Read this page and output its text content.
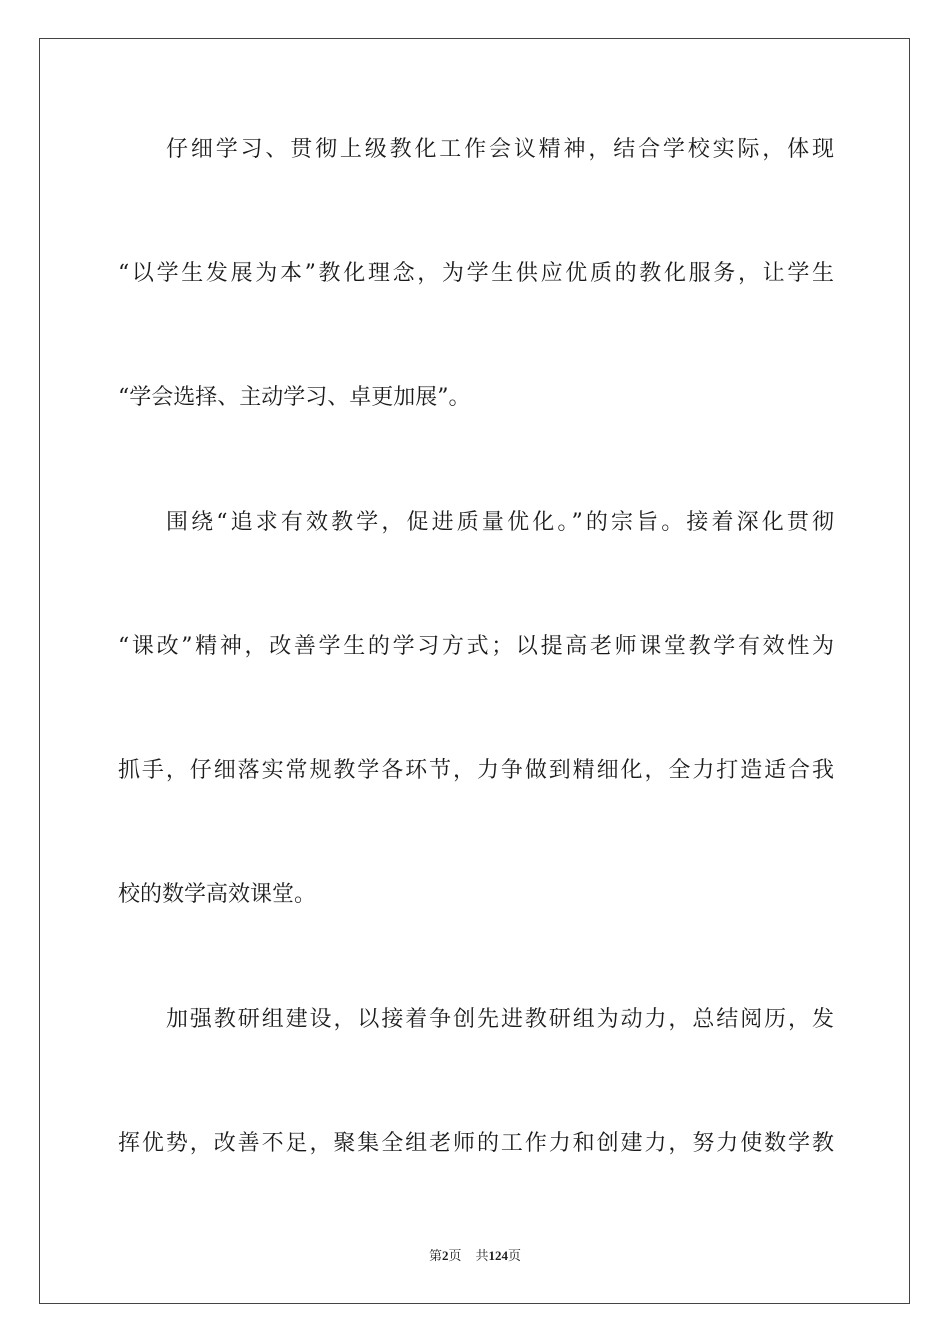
仔细学习、贯彻上级教化工作会议精神，结合学校实际，体现
“以学生发展为本”教化理念，为学生供应优质的教化服务，让学生
“学会选择、主动学习、卓更加展”。
围绕“追求有效教学，促进质量优化。”的宗旨。接着深化贯彻
“课改”精神，改善学生的学习方式；以提高老师课堂教学有效性为
抓手，仔细落实常规教学各环节，力争做到精细化，全力打造适合我
校的数学高效课堂。
加强教研组建设，以接着争创先进教研组为动力，总结阅历，发
挥优势，改善不足，聚集全组老师的工作力和创建力，努力使数学教
第2页 共124页
